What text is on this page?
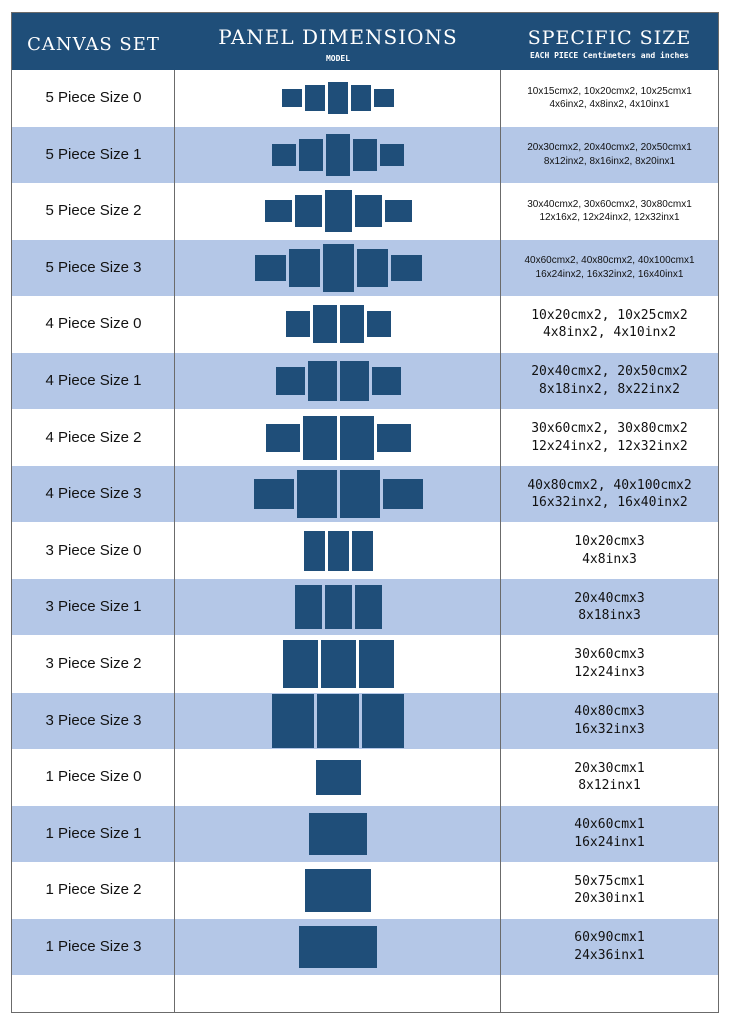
CANVAS SET	PANEL DIMENSIONS
MODEL
SPECIFIC SIZE
EACH PIECE Centimeters and inches
5 Piece Size 0	10x15cmx2, 10x20cmx2, 10x25cmx1
4x6inx2, 4x8inx2, 4x10inx1
5 Piece Size 1	20x30cmx2, 20x40cmx2, 20x50cmx1
8x12inx2, 8x16inx2, 8x20inx1
5 Piece Size 2	30x40cmx2, 30x60cmx2, 30x80cmx1
12x16x2, 12x24inx2, 12x32inx1
5 Piece Size 3	40x60cmx2, 40x80cmx2, 40x100cmx1
16x24inx2, 16x32inx2, 16x40inx1
4 Piece Size 0
10x20cmx2, 10x25cmx2
4x8inx2, 4x10inx2
4 Piece Size 1
20x40cmx2, 20x50cmx2
8x18inx2, 8x22inx2
4 Piece Size 2
30x60cmx2, 30x80cmx2
12x24inx2, 12x32inx2
4 Piece Size 3
40x80cmx2, 40x100cmx2
16x32inx2, 16x40inx2
3 Piece Size 0
10x20cmx3
4x8inx3
3 Piece Size 1
20x40cmx3
8x18inx3
3 Piece Size 2
30x60cmx3
12x24inx3
3 Piece Size 3
40x80cmx3
16x32inx3
1 Piece Size 0
20x30cmx1
8x12inx1
1 Piece Size 1
40x60cmx1
16x24inx1
1 Piece Size 2
50x75cmx1
20x30inx1
1 Piece Size 3
60x90cmx1
24x36inx1
